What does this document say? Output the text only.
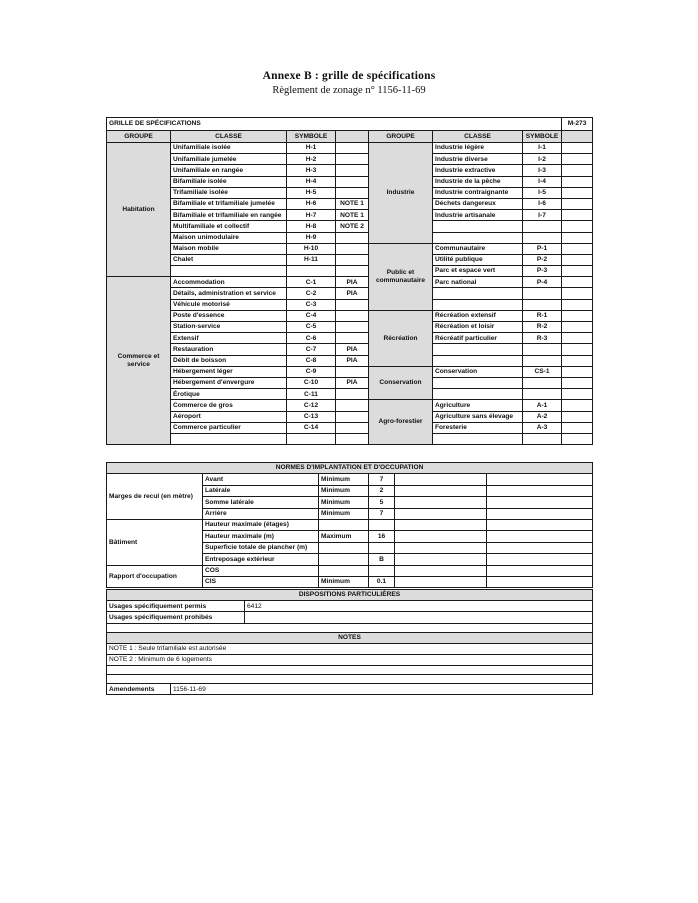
Annexe B : grille de spécifications
Règlement de zonage n° 1156-11-69
GRILLE DE SPÉCIFICATIONS							M-273
GROUPE	CLASSE	SYMBOLE		GROUPE	CLASSE	SYMBOLE	
Habitation	Unifamiliale isolée	H-1		Industrie	Industrie légère	I-1	
	Unifamiliale jumelée	H-2			Industrie diverse	I-2	
	Unifamiliale en rangée	H-3			Industrie extractive	I-3	
	Bifamiliale isolée	H-4			Industrie de la pêche	I-4	
	Trifamiliale isolée	H-5			Industrie contraignante	I-5	
	Bifamiliale et trifamiliale jumelée	H-6	NOTE 1		Déchets dangereux	I-6	
	Bifamiliale et trifamiliale en rangée	H-7	NOTE 1		Industrie artisanale	I-7	
	Multifamiliale et collectif	H-8	NOTE 2				
	Maison unimodulaire	H-9					
	Maison mobile	H-10		Public et communautaire	Communautaire	P-1	
	Chalet	H-11			Utilité publique	P-2	
					Parc et espace vert	P-3	
Commerce et service	Accommodation	C-1	PIA		Parc national	P-4	
	Détails, administration et service	C-2	PIA				
	Véhicule motorisé	C-3					
	Poste d'essence	C-4		Récréation	Récréation extensif	R-1	
	Station-service	C-5			Récréation et loisir	R-2	
	Extensif	C-6			Récréatif particulier	R-3	
	Restauration	C-7	PIA				
	Débit de boisson	C-8	PIA				
	Hébergement léger	C-9		Conservation	Conservation	CS-1	
	Hébergement d'envergure	C-10	PIA				
	Érotique	C-11					
	Commerce de gros	C-12		Agro-forestier	Agriculture	A-1	
	Aéroport	C-13			Agriculture sans élevage	A-2	
	Commerce particulier	C-14			Foresterie	A-3	

NORMES D'IMPLANTATION ET D'OCCUPATION					
Marges de recul (en mètre)	Avant	Minimum	7		
	Latérale	Minimum	2		
	Somme latérale	Minimum	5		
	Arrière	Minimum	7		
Bâtiment	Hauteur maximale (étages)				
	Hauteur maximale (m)	Maximum	16		
	Superficie totale de plancher (m)				
	Entreposage extérieur		B		
Rapport d'occupation	COS				
	CIS	Minimum	0.1		
DISPOSITIONS PARTICULIÈRES		
Usages spécifiquement permis		6412
Usages spécifiquement prohibés		

NOTES		
NOTE 1 : Seule trifamiliale est autorisée		
NOTE 2 : Minimum de 6 logements		

Amendements	1156-11-69	
